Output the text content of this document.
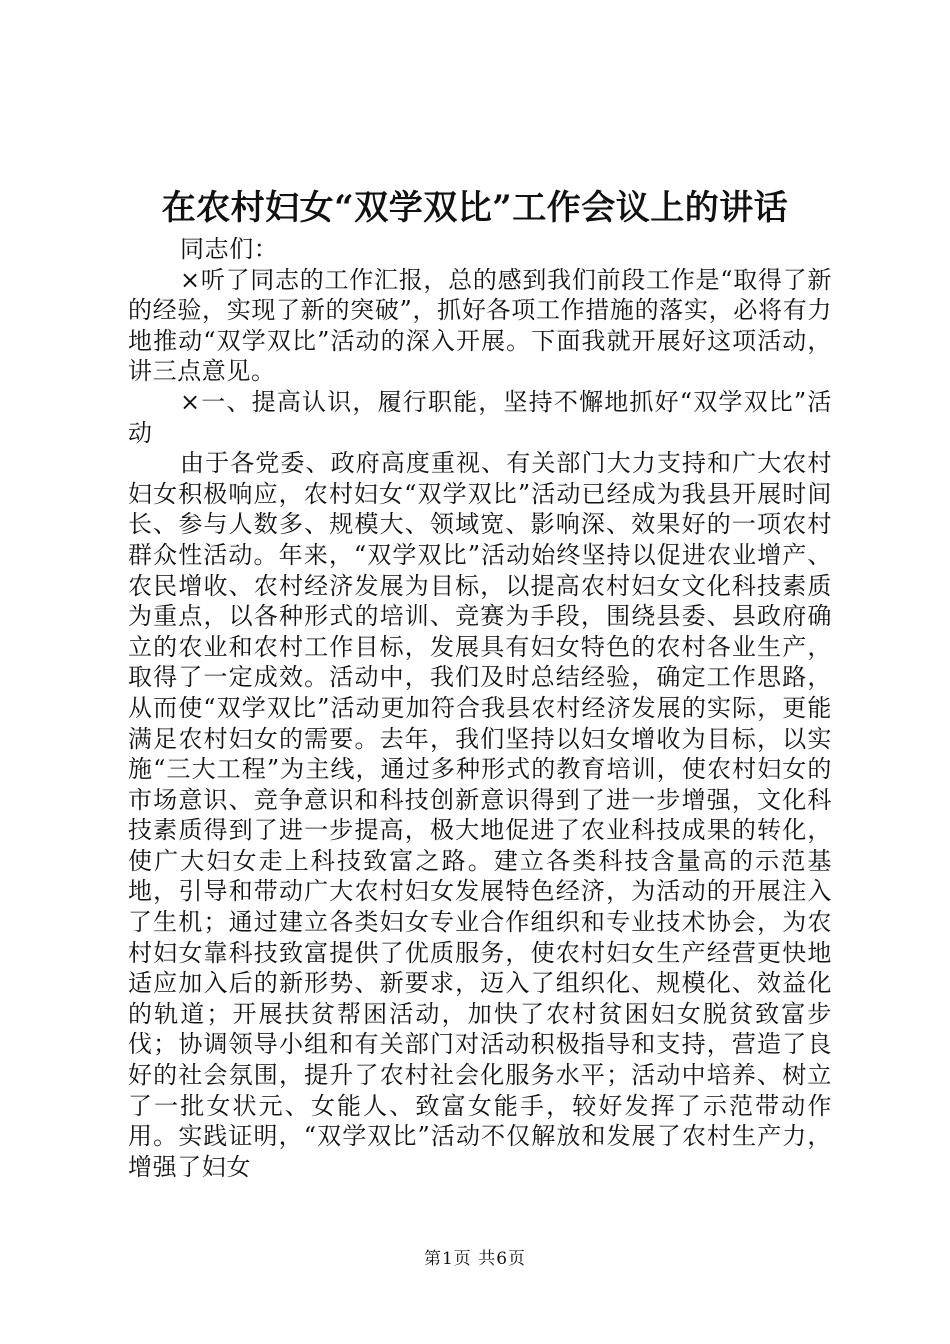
在农村妇女“双学双比”工作会议上的讲话

同志们：

×听了同志的工作汇报，总的感到我们前段工作是“取得了新的经验，实现了新的突破”，抓好各项工作措施的落实，必将有力地推动“双学双比”活动的深入开展。下面我就开展好这项活动，讲三点意见。

×一、提高认识，履行职能，坚持不懈地抓好“双学双比”活动

由于各党委、政府高度重视、有关部门大力支持和广大农村妇女积极响应，农村妇女“双学双比”活动已经成为我县开展时间长、参与人数多、规模大、领域宽、影响深、效果好的一项农村群众性活动。年来，“双学双比”活动始终坚持以促进农业增产、农民增收、农村经济发展为目标，以提高农村妇女文化科技素质为重点，以各种形式的培训、竞赛为手段，围绕县委、县政府确立的农业和农村工作目标，发展具有妇女特色的农村各业生产，取得了一定成效。活动中，我们及时总结经验，确定工作思路，从而使“双学双比”活动更加符合我县农村经济发展的实际，更能满足农村妇女的需要。去年，我们坚持以妇女增收为目标，以实施“三大工程”为主线，通过多种形式的教育培训，使农村妇女的市场意识、竞争意识和科技创新意识得到了进一步增强，文化科技素质得到了进一步提高，极大地促进了农业科技成果的转化，使广大妇女走上科技致富之路。建立各类科技含量高的示范基地，引导和带动广大农村妇女发展特色经济，为活动的开展注入了生机；通过建立各类妇女专业合作组织和专业技术协会，为农村妇女靠科技致富提供了优质服务，使农村妇女生产经营更快地适应加入后的新形势、新要求，迈入了组织化、规模化、效益化的轨道；开展扶贫帮困活动，加快了农村贫困妇女脱贫致富步伐；协调领导小组和有关部门对活动积极指导和支持，营造了良好的社会氛围，提升了农村社会化服务水平；活动中培养、树立了一批女状元、女能人、致富女能手，较好发挥了示范带动作用。实践证明，“双学双比”活动不仅解放和发展了农村生产力，增强了妇女

第1页 共6页
